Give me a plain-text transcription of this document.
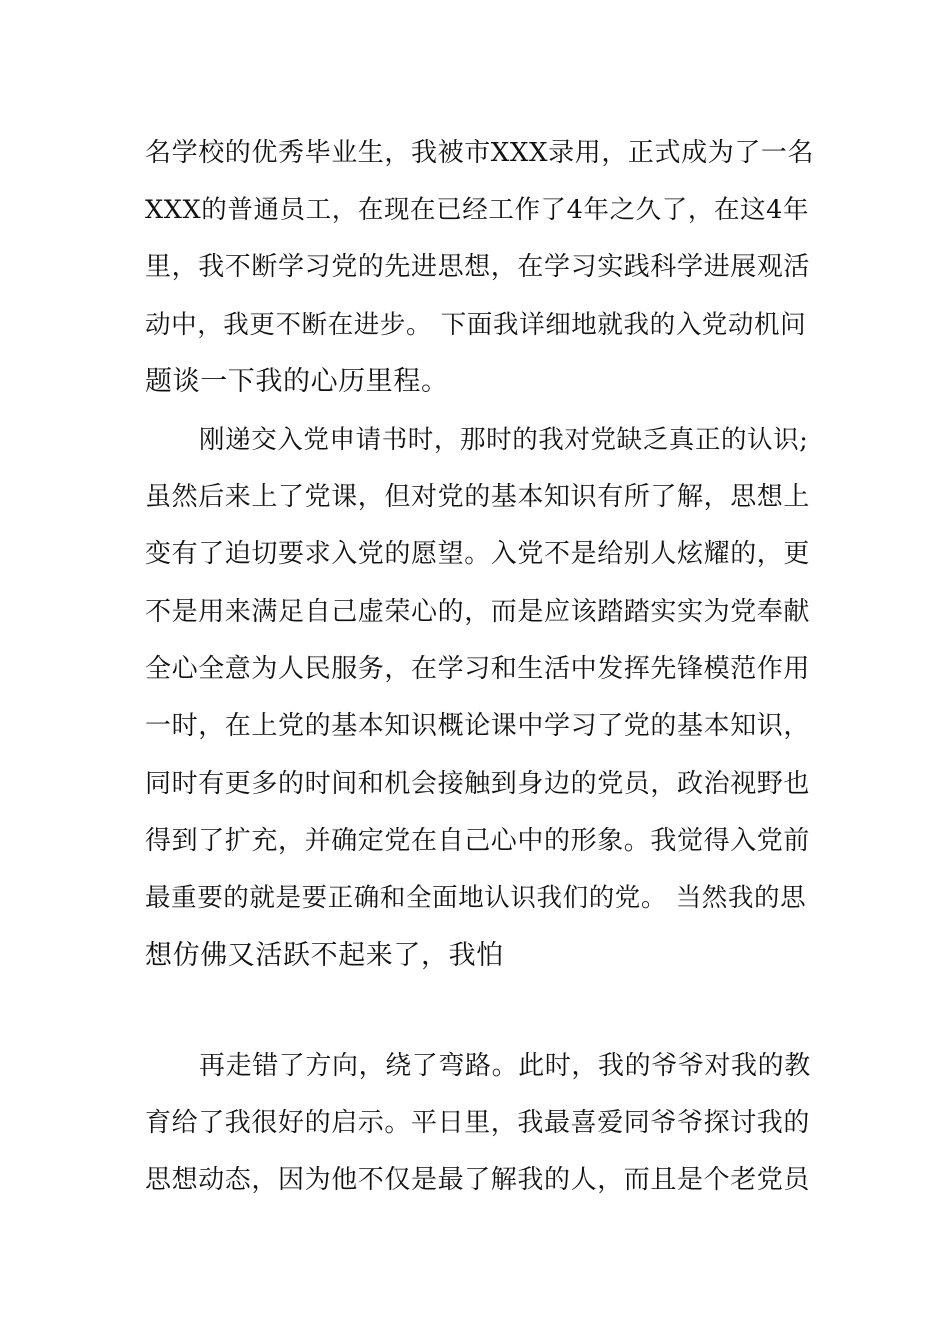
名学校的优秀毕业生，我被市XXX录用，正式成为了一名
XXX的普通员工，在现在已经工作了4年之久了，在这4年
里，我不断学习党的先进思想，在学习实践科学进展观活
动中，我更不断在进步。 下面我详细地就我的入党动机问
题谈一下我的心历里程。
刚递交入党申请书时，那时的我对党缺乏真正的认识;
虽然后来上了党课，但对党的基本知识有所了解，思想上
变有了迫切要求入党的愿望。入党不是给别人炫耀的，更
不是用来满足自己虚荣心的，而是应该踏踏实实为党奉献
全心全意为人民服务，在学习和生活中发挥先锋模范作用
一时，在上党的基本知识概论课中学习了党的基本知识，
同时有更多的时间和机会接触到身边的党员，政治视野也
得到了扩充，并确定党在自己心中的形象。我觉得入党前
最重要的就是要正确和全面地认识我们的党。 当然我的思
想仿佛又活跃不起来了，我怕
再走错了方向，绕了弯路。此时，我的爷爷对我的教
育给了我很好的启示。平日里，我最喜爱同爷爷探讨我的
思想动态，因为他不仅是最了解我的人，而且是个老党员
